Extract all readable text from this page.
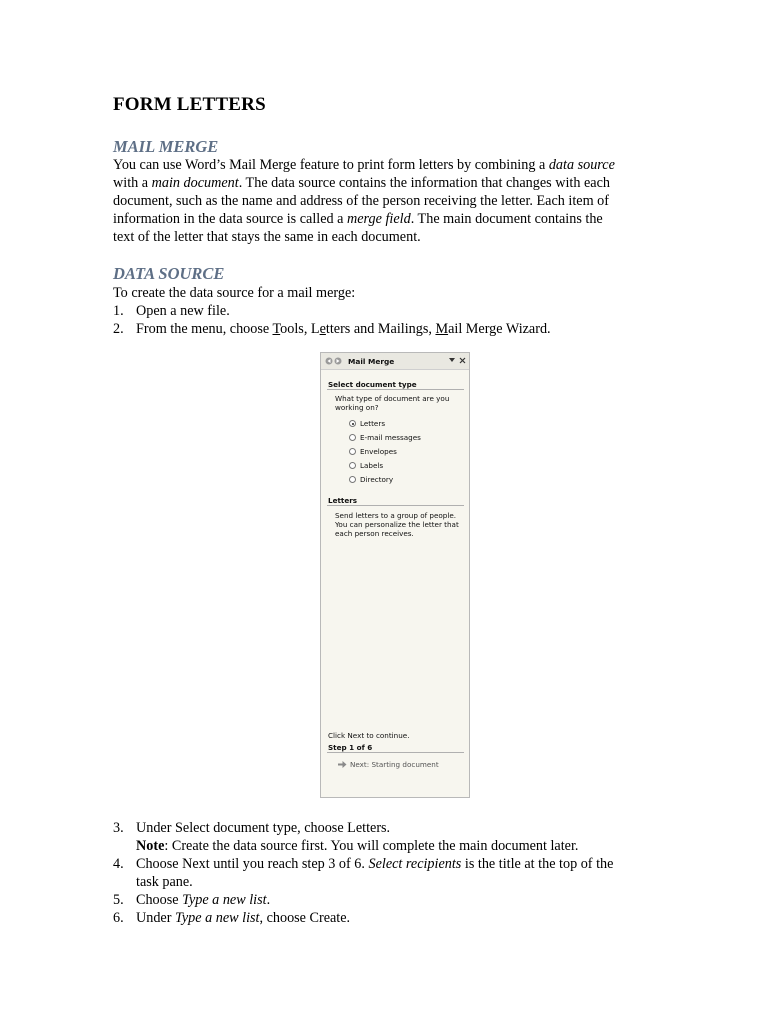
FORM LETTERS
MAIL MERGE
You can use Word’s Mail Merge feature to print form letters by combining a data source
with a main document. The data source contains the information that changes with each
document, such as the name and address of the person receiving the letter. Each item of
information in the data source is called a merge field. The main document contains the
text of the letter that stays the same in each document.
DATA SOURCE
To create the data source for a mail merge:
1. Open a new file.
2. From the menu, choose Tools, Letters and Mailings, Mail Merge Wizard.
Mail Merge
Select document type
What type of document are you
working on?
Letters
E-mail messages
Envelopes
Labels
Directory
Letters
Send letters to a group of people.
You can personalize the letter that
each person receives.
Click Next to continue.
Step 1 of 6
Next: Starting document
3. Under Select document type, choose Letters.
Note: Create the data source first. You will complete the main document later.
4. Choose Next until you reach step 3 of 6. Select recipients is the title at the top of the
task pane.
5. Choose Type a new list.
6. Under Type a new list, choose Create.
